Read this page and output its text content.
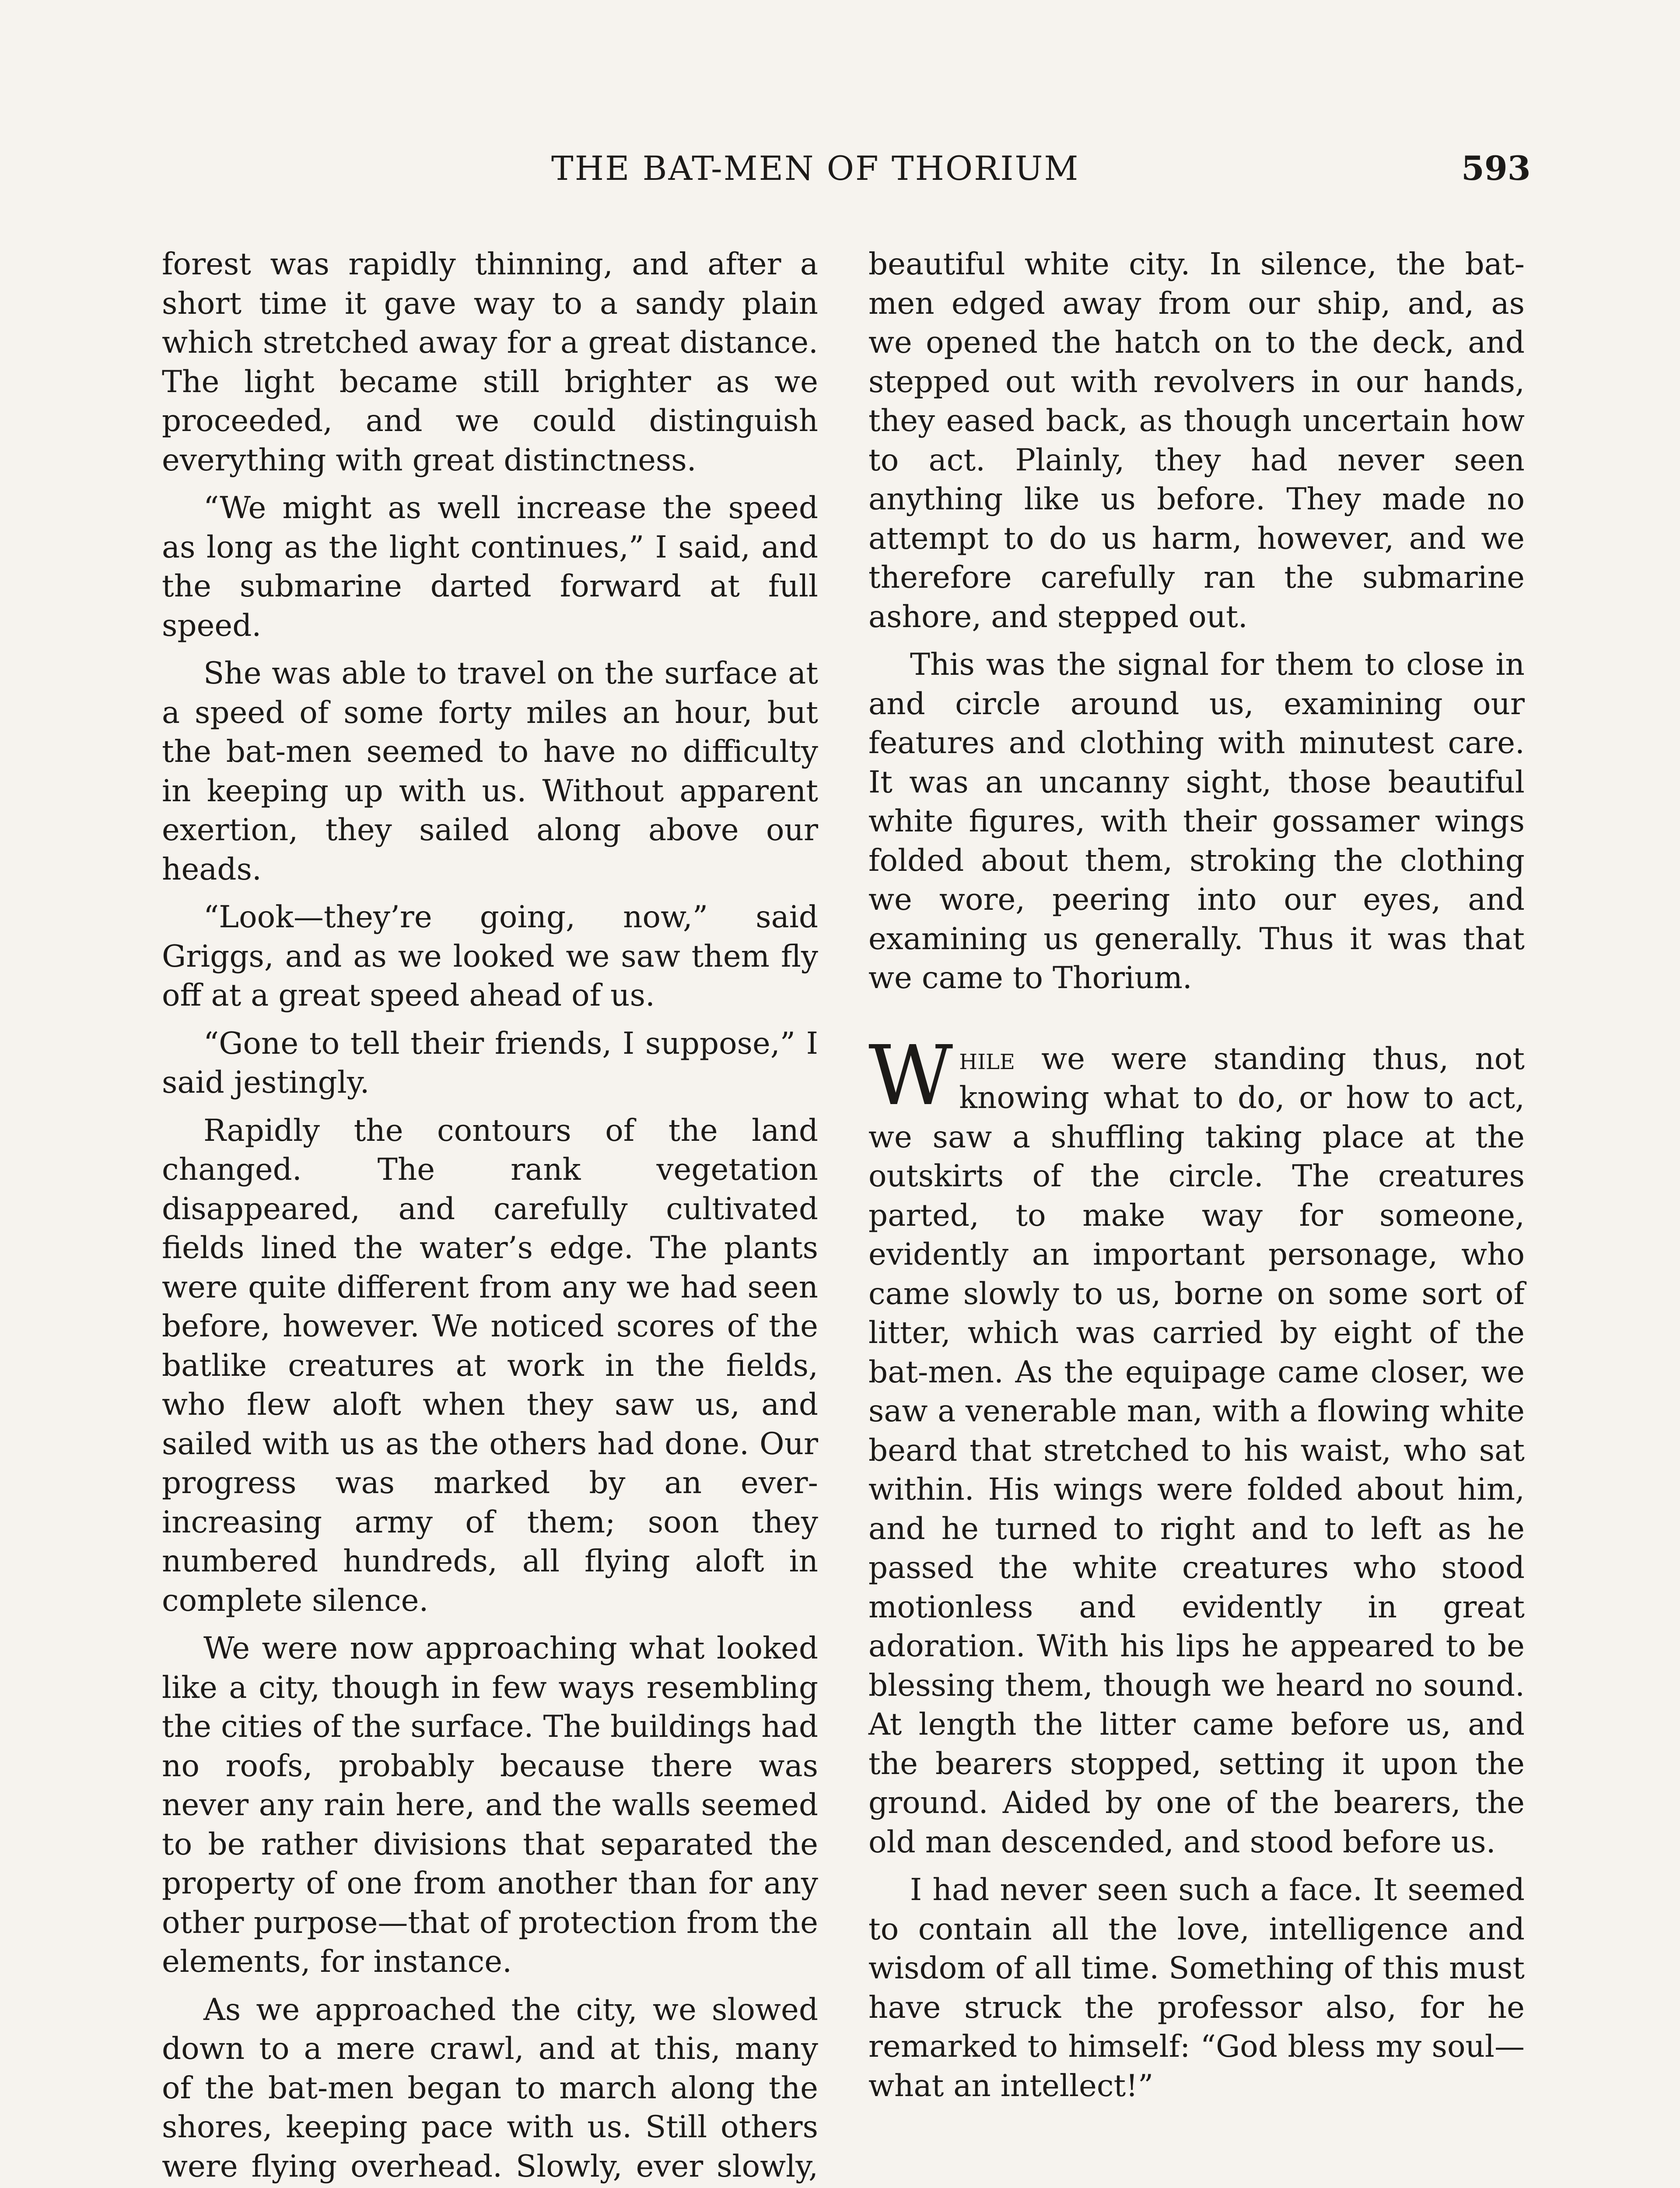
THE BAT-MEN OF THORIUM	593

forest was rapidly thinning, and after a short time it gave way to a sandy plain which stretched away for a great distance. The light became still brighter as we proceeded, and we could distinguish everything with great distinctness.

“We might as well increase the speed as long as the light continues,” I said, and the submarine darted forward at full speed.

She was able to travel on the surface at a speed of some forty miles an hour, but the bat-men seemed to have no difficulty in keeping up with us. Without apparent exertion, they sailed along above our heads.

“Look—they’re going, now,” said Griggs, and as we looked we saw them fly off at a great speed ahead of us.

“Gone to tell their friends, I suppose,” I said jestingly.

Rapidly the contours of the land changed. The rank vegetation disappeared, and carefully cultivated fields lined the water’s edge. The plants were quite different from any we had seen before, however. We noticed scores of the batlike creatures at work in the fields, who flew aloft when they saw us, and sailed with us as the others had done. Our progress was marked by an ever-increasing army of them; soon they numbered hundreds, all flying aloft in complete silence.

We were now approaching what looked like a city, though in few ways resembling the cities of the surface. The buildings had no roofs, probably because there was never any rain here, and the walls seemed to be rather divisions that separated the property of one from another than for any other purpose—that of protection from the elements, for instance.

As we approached the city, we slowed down to a mere crawl, and at this, many of the bat-men began to march along the shores, keeping pace with us. Still others were flying overhead. Slowly, ever slowly,

beautiful white city. In silence, the bat-men edged away from our ship, and, as we opened the hatch on to the deck, and stepped out with revolvers in our hands, they eased back, as though uncertain how to act. Plainly, they had never seen anything like us before. They made no attempt to do us harm, however, and we therefore carefully ran the submarine ashore, and stepped out.

This was the signal for them to close in and circle around us, examining our features and clothing with minutest care. It was an uncanny sight, those beautiful white figures, with their gossamer wings folded about them, stroking the clothing we wore, peering into our eyes, and examining us generally. Thus it was that we came to Thorium.

While we were standing thus, not knowing what to do, or how to act, we saw a shuffling taking place at the outskirts of the circle. The creatures parted, to make way for someone, evidently an important personage, who came slowly to us, borne on some sort of litter, which was carried by eight of the bat-men. As the equipage came closer, we saw a venerable man, with a flowing white beard that stretched to his waist, who sat within. His wings were folded about him, and he turned to right and to left as he passed the white creatures who stood motionless and evidently in great adoration. With his lips he appeared to be blessing them, though we heard no sound. At length the litter came before us, and the bearers stopped, setting it upon the ground. Aided by one of the bearers, the old man descended, and stood before us.

I had never seen such a face. It seemed to contain all the love, intelligence and wisdom of all time. Something of this must have struck the professor also, for he remarked to himself: “God bless my soul—what an intellect!”
